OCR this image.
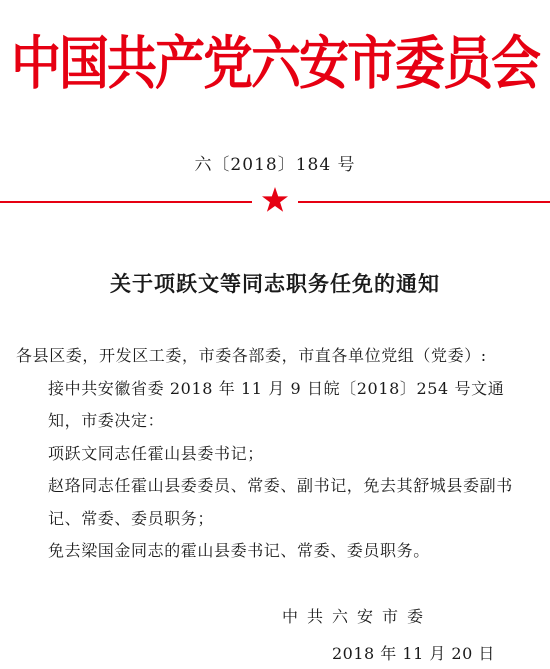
中国共产党六安市委员会
六〔2018〕184 号
关于项跃文等同志职务任免的通知

各县区委，开发区工委，市委各部委，市直各单位党组（党委）:

接中共安徽省委 2018 年 11 月 9 日皖〔2018〕254 号文通知，市委决定：

项跃文同志任霍山县委书记；

赵珞同志任霍山县委委员、常委、副书记，免去其舒城县委副书记、常委、委员职务；

免去梁国金同志的霍山县委书记、常委、委员职务。

中共六安市委
2018 年 11 月 20 日
